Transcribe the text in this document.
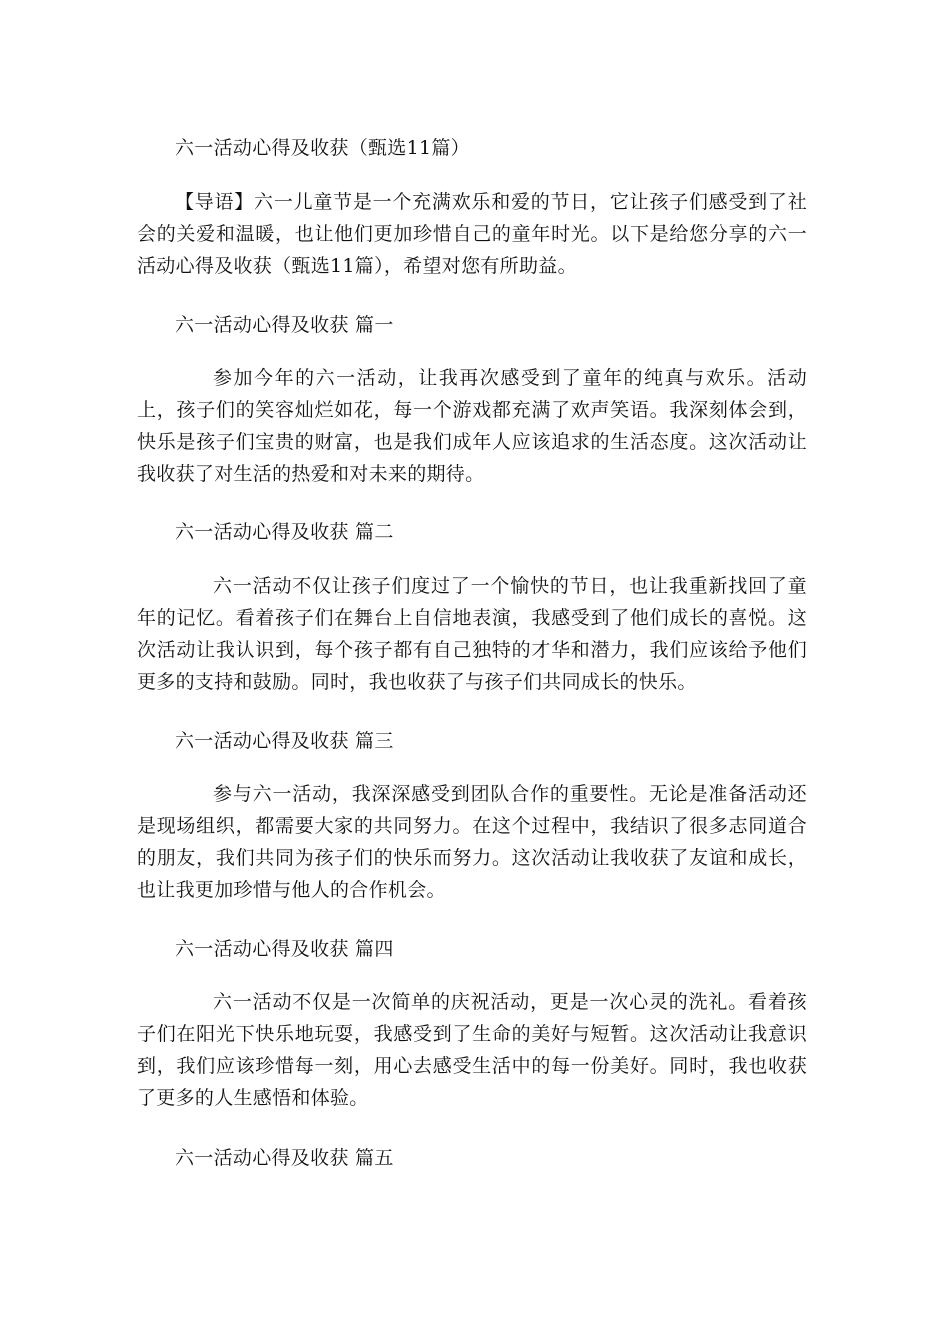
六一活动心得及收获（甄选11篇）
【导语】六一儿童节是一个充满欢乐和爱的节日，它让孩子们感受到了社会的关爱和温暖，也让他们更加珍惜自己的童年时光。以下是给您分享的六一活动心得及收获（甄选11篇），希望对您有所助益。
六一活动心得及收获 篇一
参加今年的六一活动，让我再次感受到了童年的纯真与欢乐。活动上，孩子们的笑容灿烂如花，每一个游戏都充满了欢声笑语。我深刻体会到，快乐是孩子们宝贵的财富，也是我们成年人应该追求的生活态度。这次活动让我收获了对生活的热爱和对未来的期待。
六一活动心得及收获 篇二
六一活动不仅让孩子们度过了一个愉快的节日，也让我重新找回了童年的记忆。看着孩子们在舞台上自信地表演，我感受到了他们成长的喜悦。这次活动让我认识到，每个孩子都有自己独特的才华和潜力，我们应该给予他们更多的支持和鼓励。同时，我也收获了与孩子们共同成长的快乐。
六一活动心得及收获 篇三
参与六一活动，我深深感受到团队合作的重要性。无论是准备活动还是现场组织，都需要大家的共同努力。在这个过程中，我结识了很多志同道合的朋友，我们共同为孩子们的快乐而努力。这次活动让我收获了友谊和成长，也让我更加珍惜与他人的合作机会。
六一活动心得及收获 篇四
六一活动不仅是一次简单的庆祝活动，更是一次心灵的洗礼。看着孩子们在阳光下快乐地玩耍，我感受到了生命的美好与短暂。这次活动让我意识到，我们应该珍惜每一刻，用心去感受生活中的每一份美好。同时，我也收获了更多的人生感悟和体验。
六一活动心得及收获 篇五
